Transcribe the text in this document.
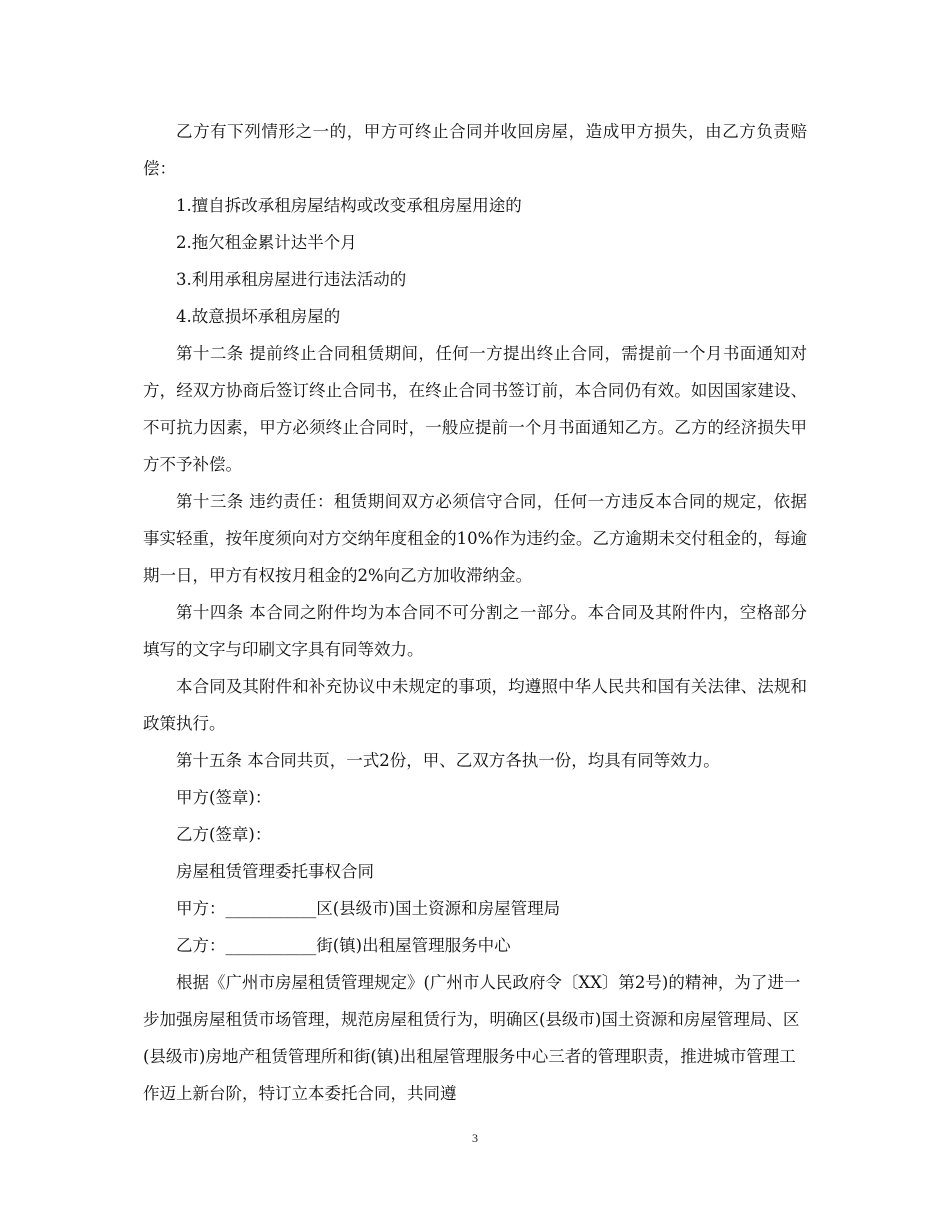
乙方有下列情形之一的，甲方可终止合同并收回房屋，造成甲方损失，由乙方负责赔偿：

1.擅自拆改承租房屋结构或改变承租房屋用途的

2.拖欠租金累计达半个月

3.利用承租房屋进行违法活动的

4.故意损坏承租房屋的

第十二条 提前终止合同租赁期间，任何一方提出终止合同，需提前一个月书面通知对方，经双方协商后签订终止合同书，在终止合同书签订前，本合同仍有效。如因国家建设、不可抗力因素，甲方必须终止合同时，一般应提前一个月书面通知乙方。乙方的经济损失甲方不予补偿。

第十三条 违约责任：租赁期间双方必须信守合同，任何一方违反本合同的规定，依据事实轻重，按年度须向对方交纳年度租金的10%作为违约金。乙方逾期未交付租金的，每逾期一日，甲方有权按月租金的2%向乙方加收滞纳金。

第十四条 本合同之附件均为本合同不可分割之一部分。本合同及其附件内，空格部分填写的文字与印刷文字具有同等效力。

本合同及其附件和补充协议中未规定的事项，均遵照中华人民共和国有关法律、法规和政策执行。

第十五条 本合同共页，一式2份，甲、乙双方各执一份，均具有同等效力。

甲方(签章)：

乙方(签章)：

房屋租赁管理委托事权合同

甲方：___________区(县级市)国土资源和房屋管理局

乙方：___________街(镇)出租屋管理服务中心

根据《广州市房屋租赁管理规定》(广州市人民政府令〔XX〕第2号)的精神，为了进一步加强房屋租赁市场管理，规范房屋租赁行为，明确区(县级市)国土资源和房屋管理局、区(县级市)房地产租赁管理所和街(镇)出租屋管理服务中心三者的管理职责，推进城市管理工作迈上新台阶，特订立本委托合同，共同遵

3
